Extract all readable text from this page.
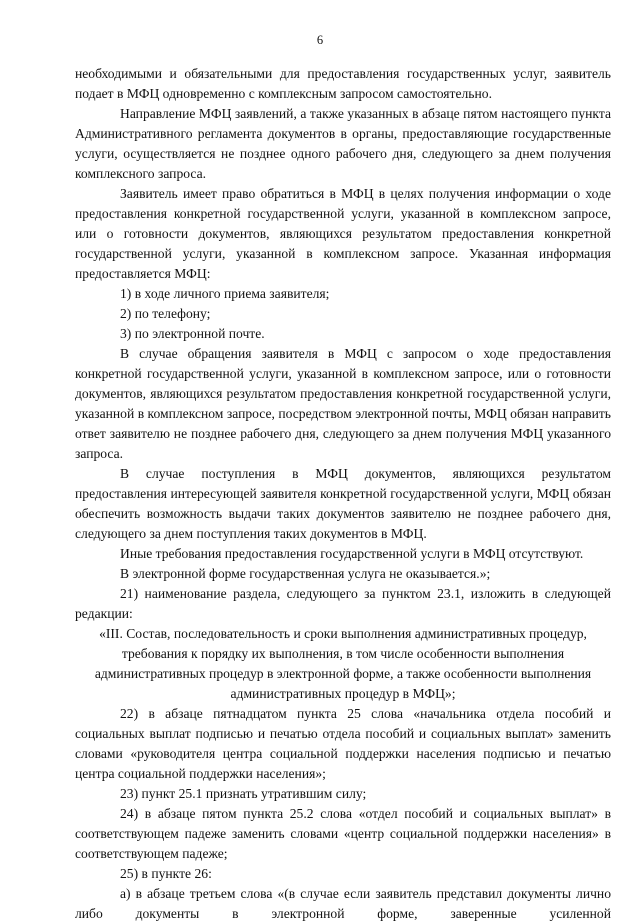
6

необходимыми и обязательными для предоставления государственных услуг, заявитель подает в МФЦ одновременно с комплексным запросом самостоятельно.

Направление МФЦ заявлений, а также указанных в абзаце пятом настоящего пункта Административного регламента документов в органы, предоставляющие государственные услуги, осуществляется не позднее одного рабочего дня, следующего за днем получения комплексного запроса.

Заявитель имеет право обратиться в МФЦ в целях получения информации о ходе предоставления конкретной государственной услуги, указанной в комплексном запросе, или о готовности документов, являющихся результатом предоставления конкретной государственной услуги, указанной в комплексном запросе. Указанная информация предоставляется МФЦ:

1) в ходе личного приема заявителя;

2) по телефону;

3) по электронной почте.

В случае обращения заявителя в МФЦ с запросом о ходе предоставления конкретной государственной услуги, указанной в комплексном запросе, или о готовности документов, являющихся результатом предоставления конкретной государственной услуги, указанной в комплексном запросе, посредством электронной почты, МФЦ обязан направить ответ заявителю не позднее рабочего дня, следующего за днем получения МФЦ указанного запроса.

В случае поступления в МФЦ документов, являющихся результатом предоставления интересующей заявителя конкретной государственной услуги, МФЦ обязан обеспечить возможность выдачи таких документов заявителю не позднее рабочего дня, следующего за днем поступления таких документов в МФЦ.

Иные требования предоставления государственной услуги в МФЦ отсутствуют.

В электронной форме государственная услуга не оказывается.»;

21) наименование раздела, следующего за пунктом 23.1, изложить в следующей редакции:

«III. Состав, последовательность и сроки выполнения административных процедур, требования к порядку их выполнения, в том числе особенности выполнения административных процедур в электронной форме, а также особенности выполнения административных процедур в МФЦ»;

22) в абзаце пятнадцатом пункта 25 слова «начальника отдела пособий и социальных выплат подписью и печатью отдела пособий и социальных выплат» заменить словами «руководителя центра социальной поддержки населения подписью и печатью центра социальной поддержки населения»;

23) пункт 25.1 признать утратившим силу;

24) в абзаце пятом пункта 25.2 слова «отдел пособий и социальных выплат» в соответствующем падеже заменить словами «центр социальной поддержки населения» в соответствующем падеже;

25) в пункте 26:

а) в абзаце третьем слова «(в случае если заявитель представил документы лично либо документы в электронной форме, заверенные усиленной
